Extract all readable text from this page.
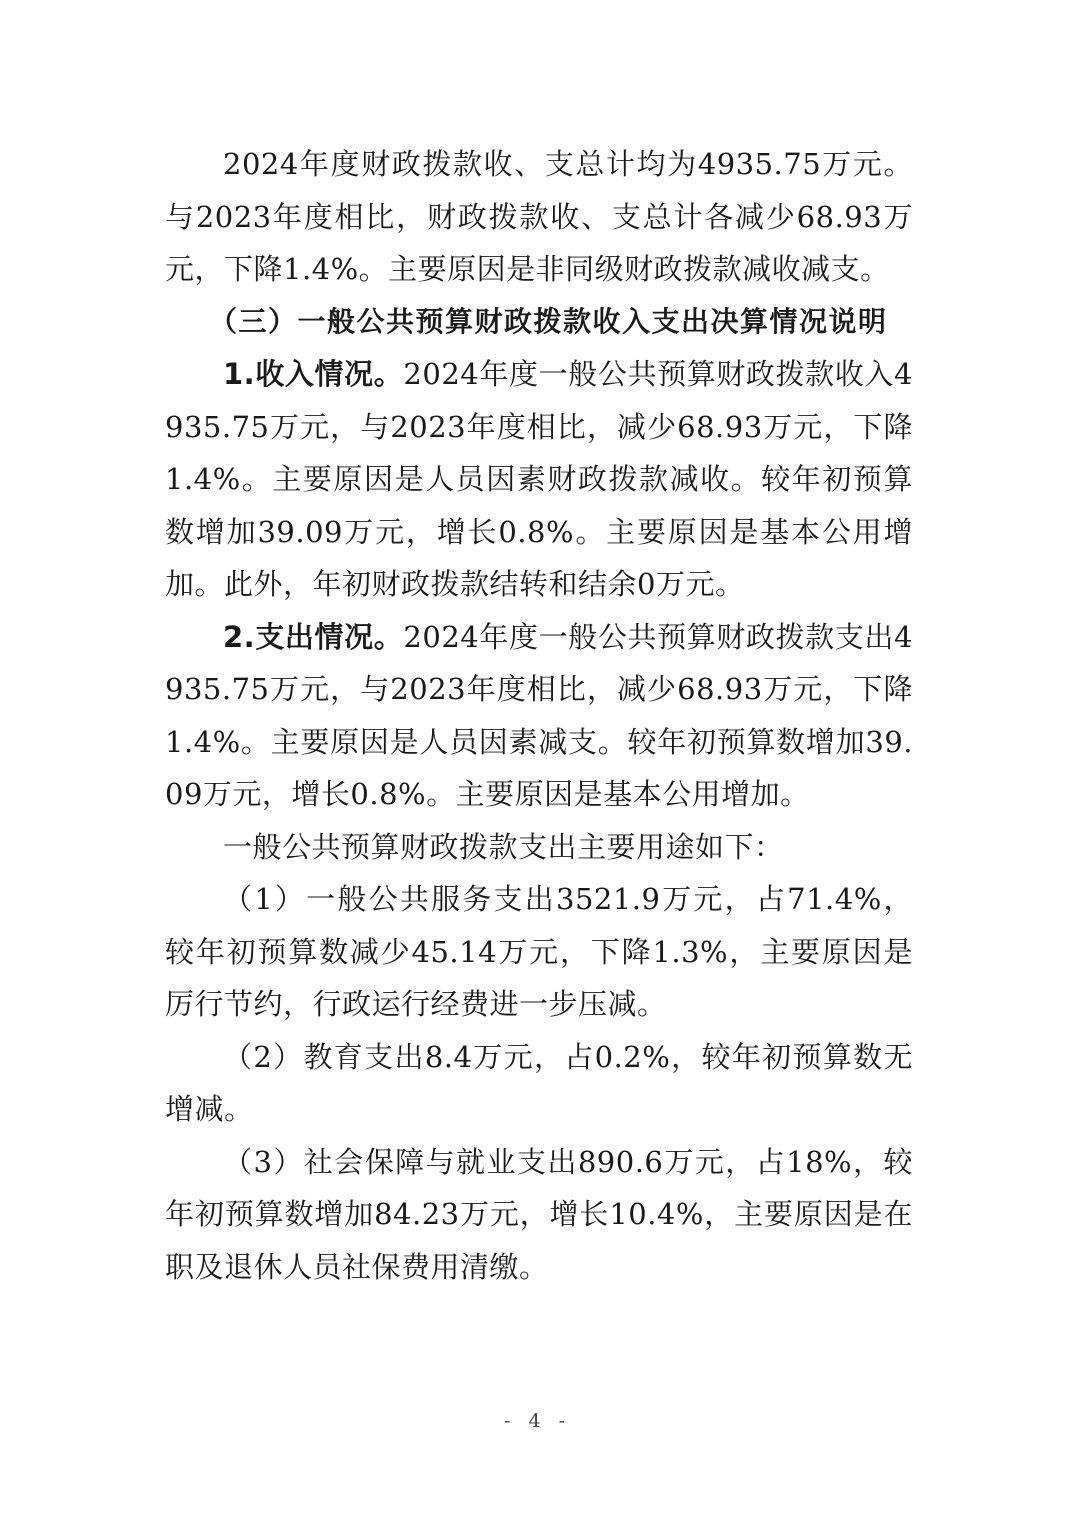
2024年度财政拨款收、支总计均为4935.75万元。与2023年度相比，财政拨款收、支总计各减少68.93万元，下降1.4%。主要原因是非同级财政拨款减收减支。

（三）一般公共预算财政拨款收入支出决算情况说明

1.收入情况。2024年度一般公共预算财政拨款收入4935.75万元，与2023年度相比，减少68.93万元，下降1.4%。主要原因是人员因素财政拨款减收。较年初预算数增加39.09万元，增长0.8%。主要原因是基本公用增加。此外，年初财政拨款结转和结余0万元。

2.支出情况。2024年度一般公共预算财政拨款支出4935.75万元，与2023年度相比，减少68.93万元，下降1.4%。主要原因是人员因素减支。较年初预算数增加39.09万元，增长0.8%。主要原因是基本公用增加。

一般公共预算财政拨款支出主要用途如下：

（1）一般公共服务支出3521.9万元，占71.4%，较年初预算数减少45.14万元，下降1.3%，主要原因是厉行节约，行政运行经费进一步压减。

（2）教育支出8.4万元，占0.2%，较年初预算数无增减。

（3）社会保障与就业支出890.6万元，占18%，较年初预算数增加84.23万元，增长10.4%，主要原因是在职及退休人员社保费用清缴。

- 4 -
